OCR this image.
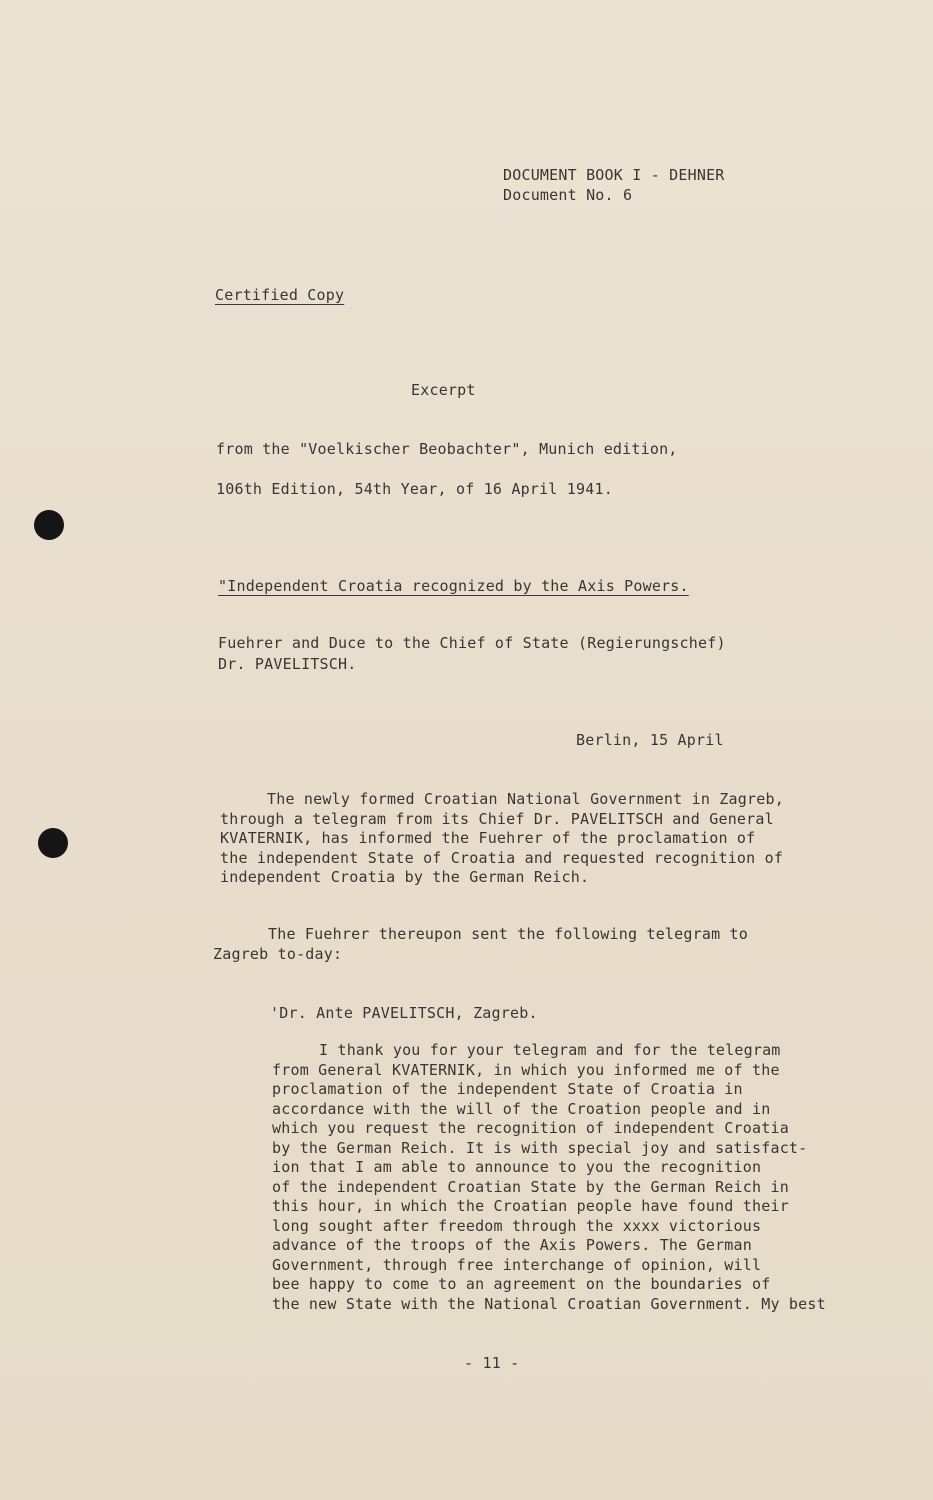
DOCUMENT BOOK I - DEHNER
Document No. 6
Certified Copy
Excerpt
from the "Voelkischer Beobachter", Munich edition,
106th Edition, 54th Year, of 16 April 1941.
"Independent Croatia recognized by the Axis Powers.
Fuehrer and Duce to the Chief of State (Regierungschef)
Dr. PAVELITSCH.
Berlin, 15 April
The newly formed Croatian National Government in Zagreb,
through a telegram from its Chief Dr. PAVELITSCH and General
KVATERNIK, has informed the Fuehrer of the proclamation of
the independent State of Croatia and requested recognition of
independent Croatia by the German Reich.
The Fuehrer thereupon sent the following telegram to
Zagreb to-day:
'Dr. Ante PAVELITSCH, Zagreb.
I thank you for your telegram and for the telegram
from General KVATERNIK, in which you informed me of the
proclamation of the independent State of Croatia in
accordance with the will of the Croation people and in
which you request the recognition of independent Croatia
by the German Reich. It is with special joy and satisfact-
ion that I am able to announce to you the recognition
of the independent Croatian State by the German Reich in
this hour, in which the Croatian people have found their
long sought after freedom through the xxxx victorious
advance of the troops of the Axis Powers. The German
Government, through free interchange of opinion, will
bee happy to come to an agreement on the boundaries of
the new State with the National Croatian Government. My best
- 11 -
